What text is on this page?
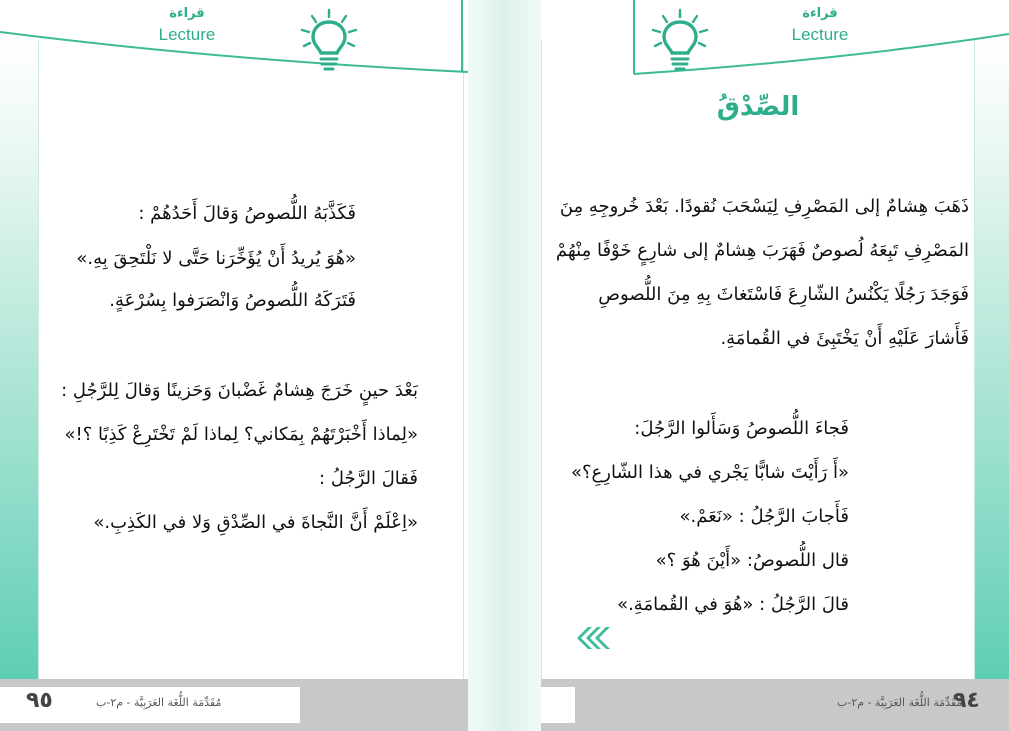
قراءة
Lecture
فَكَذَّبَهُ اللُّصوصُ وَقالَ أَحَدُهُمْ :
«هُوَ يُريدُ أَنْ يُؤَخِّرَنا حَتَّى لا نَلْتَحِقَ بِهِ.»
فَتَرَكَهُ اللُّصوصُ وَانْصَرَفوا بِسُرْعَةٍ.
بَعْدَ حينٍ خَرَجَ هِشامٌ غَضْبانَ وَحَزينًا وَقالَ لِلرَّجُلِ :
«لِماذا أَخْبَرْتَهُمْ بِمَكاني؟ لِماذا لَمْ تَخْتَرِعْ كَذِبًا ؟!»
فَقالَ الرَّجُلُ :
«اِعْلَمْ أَنَّ النَّجاةَ في الصِّدْقِ وَلا في الكَذِبِ.»
٩٥	مُقَدِّمَة اللُّغَة العَرَبِيَّة - م٢-ب
قراءة
Lecture
الصِّدْقُ
ذَهَبَ هِشامٌ إلى المَصْرِفِ لِيَسْحَبَ نُقودًا. بَعْدَ خُروجِهِ مِنَ
المَصْرِفِ تَبِعَهُ لُصوصٌ فَهَرَبَ هِشامٌ إلى شارِعٍ خَوْفًا مِنْهُمْ
فَوَجَدَ رَجُلًا يَكْنُسُ الشّارِعَ فَاسْتَغاثَ بِهِ مِنَ اللُّصوصِ
فَأَشارَ عَلَيْهِ أَنْ يَخْتَبِئَ في القُمامَةِ.
فَجاءَ اللُّصوصُ وَسَأَلوا الرَّجُلَ:
«أَ رَأَيْتَ شابًّا يَجْري في هذا الشّارِعِ؟»
فَأَجابَ الرَّجُلُ : «نَعَمْ.»
قال اللُّصوصُ: «أَيْنَ هُوَ ؟»
قالَ الرَّجُلُ : «هُوَ في القُمامَةِ.»
مُقَدِّمَة اللُّغَة العَرَبِيَّة - م٢-ب
٩٤
